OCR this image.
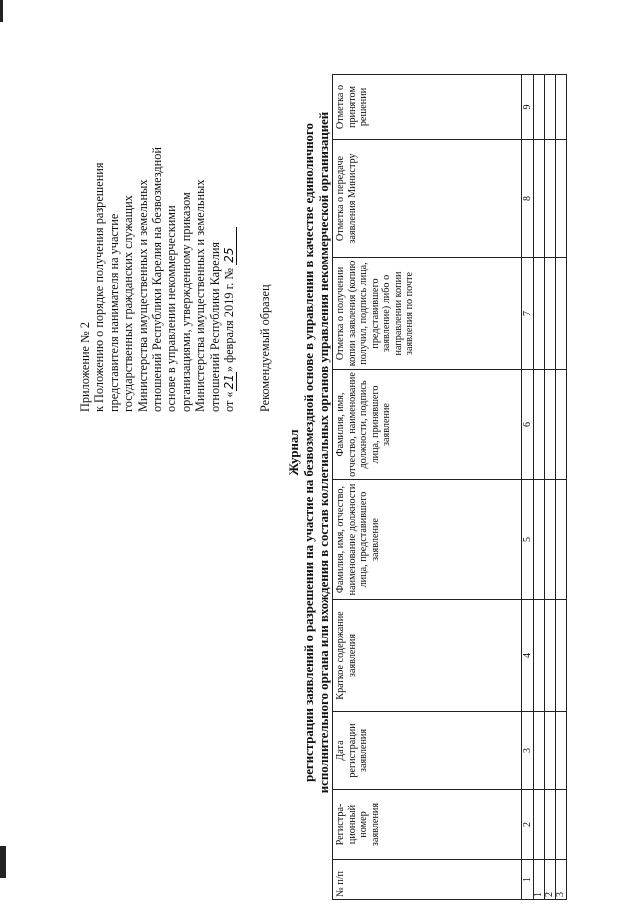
Приложение № 2 к Положению о порядке получения разрешения представителя нанимателя на участие государственных гражданских служащих Министерства имущественных и земельных отношений Республики Карелия на безвозмездной основе в управлении некоммерческими организациями, утвержденному приказом Министерства имущественных и земельных отношений Республики Карелия от «21» февраля 2019 г. № 25
Рекомендуемый образец
Журнал регистрации заявлений о разрешении на участие на безвозмездной основе в управлении в качестве единоличного исполнительного органа или вхождения в состав коллегиальных органов управления некоммерческой организацией
№ п/п	Регистра-ционный номер заявления	Дата регистрации заявления	Краткое содержание заявления	Фамилия, имя, отчество, наименование должности лица, представившего заявление	Фамилия, имя, отчество, наименование должности, подпись лица, принявшего заявление	Отметка о получении копии заявления (копию получил, подпись лица, представившего заявление) либо о направлении копии заявления по почте	Отметка о передаче заявления Министру	Отметка о принятом решении
1	2	3	4	5	6	7	8	9
1								
2								
3								
